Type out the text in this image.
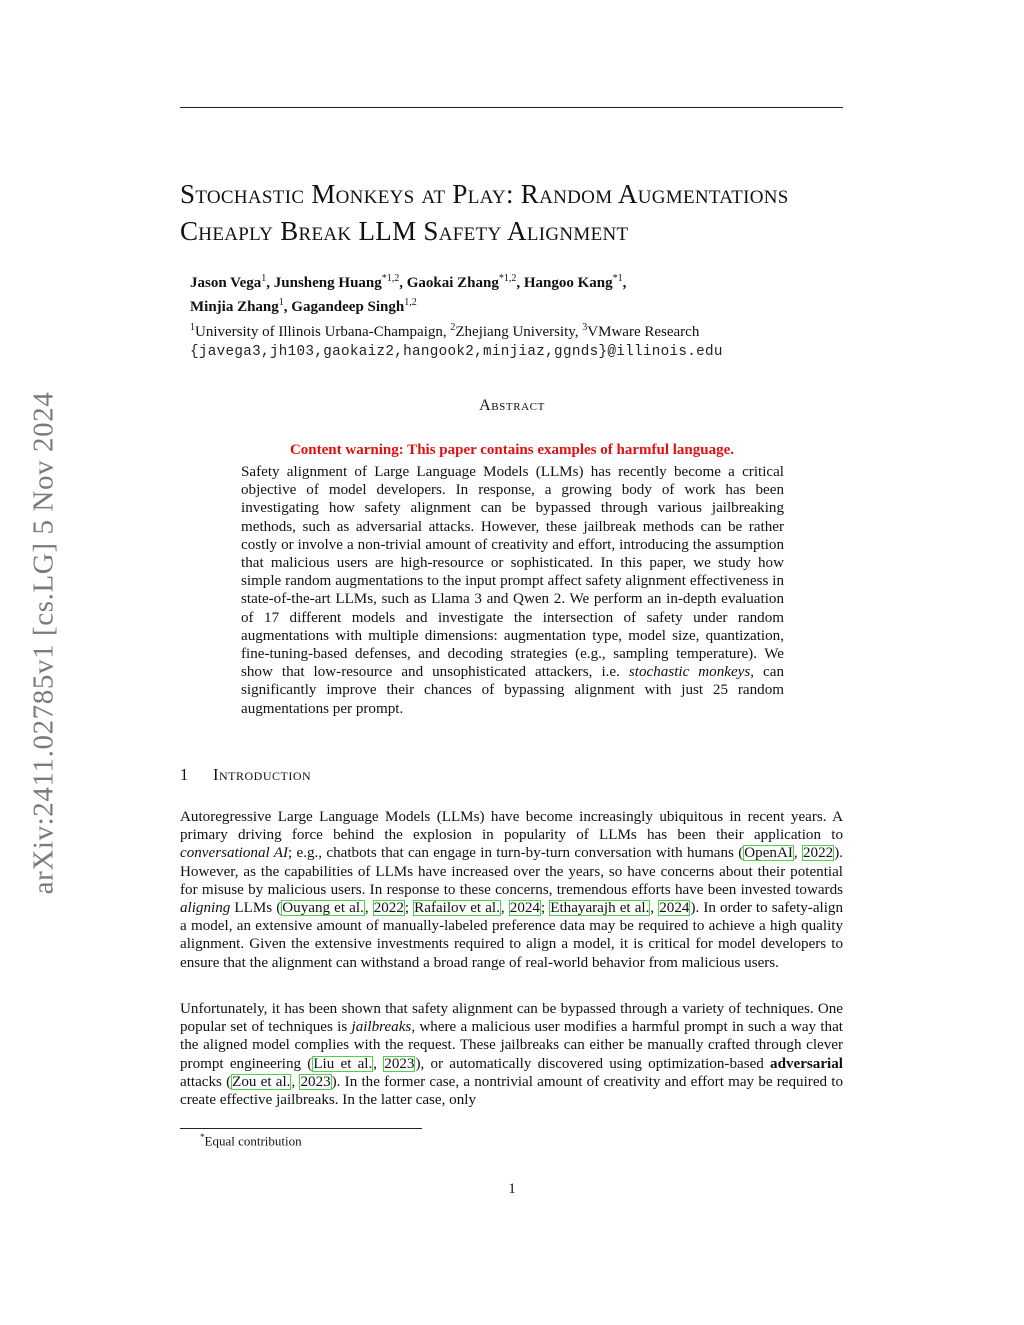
arXiv:2411.02785v1 [cs.LG] 5 Nov 2024
Stochastic Monkeys at Play: Random Augmentations Cheaply Break LLM Safety Alignment
Jason Vega$^1$, Junsheng Huang$^{*1,2}$, Gaokai Zhang$^{*1,2}$, Hangoo Kang$^{*1}$,
Minjia Zhang$^1$, Gagandeep Singh$^{1,2}$
$^1$University of Illinois Urbana-Champaign, $^2$Zhejiang University, $^3$VMware Research
{javega3,jh103,gaokaiz2,hangook2,minjiaz,ggnds}@illinois.edu
Abstract
Content warning: This paper contains examples of harmful language.

Safety alignment of Large Language Models (LLMs) has recently become a critical objective of model developers. In response, a growing body of work has been investigating how safety alignment can be bypassed through various jailbreaking methods, such as adversarial attacks. However, these jailbreak methods can be rather costly or involve a non-trivial amount of creativity and effort, introducing the assumption that malicious users are high-resource or sophisticated. In this paper, we study how simple random augmentations to the input prompt affect safety alignment effectiveness in state-of-the-art LLMs, such as Llama 3 and Qwen 2. We perform an in-depth evaluation of 17 different models and investigate the intersection of safety under random augmentations with multiple dimensions: augmentation type, model size, quantization, fine-tuning-based defenses, and decoding strategies (e.g., sampling temperature). We show that low-resource and unsophisticated attackers, i.e. stochastic monkeys, can significantly improve their chances of bypassing alignment with just 25 random augmentations per prompt.

1 Introduction

Autoregressive Large Language Models (LLMs) have become increasingly ubiquitous in recent years. A primary driving force behind the explosion in popularity of LLMs has been their application to conversational AI; e.g., chatbots that can engage in turn-by-turn conversation with humans (OpenAI, 2022). However, as the capabilities of LLMs have increased over the years, so have concerns about their potential for misuse by malicious users. In response to these concerns, tremendous efforts have been invested towards aligning LLMs (Ouyang et al., 2022; Rafailov et al., 2024; Ethayarajh et al., 2024). In order to safety-align a model, an extensive amount of manually-labeled preference data may be required to achieve a high quality alignment. Given the extensive investments required to align a model, it is critical for model developers to ensure that the alignment can withstand a broad range of real-world behavior from malicious users.

Unfortunately, it has been shown that safety alignment can be bypassed through a variety of techniques. One popular set of techniques is jailbreaks, where a malicious user modifies a harmful prompt in such a way that the aligned model complies with the request. These jailbreaks can either be manually crafted through clever prompt engineering (Liu et al., 2023), or automatically discovered using optimization-based adversarial attacks (Zou et al., 2023). In the former case, a nontrivial amount of creativity and effort may be required to create effective jailbreaks. In the latter case, only

*Equal contribution
1
